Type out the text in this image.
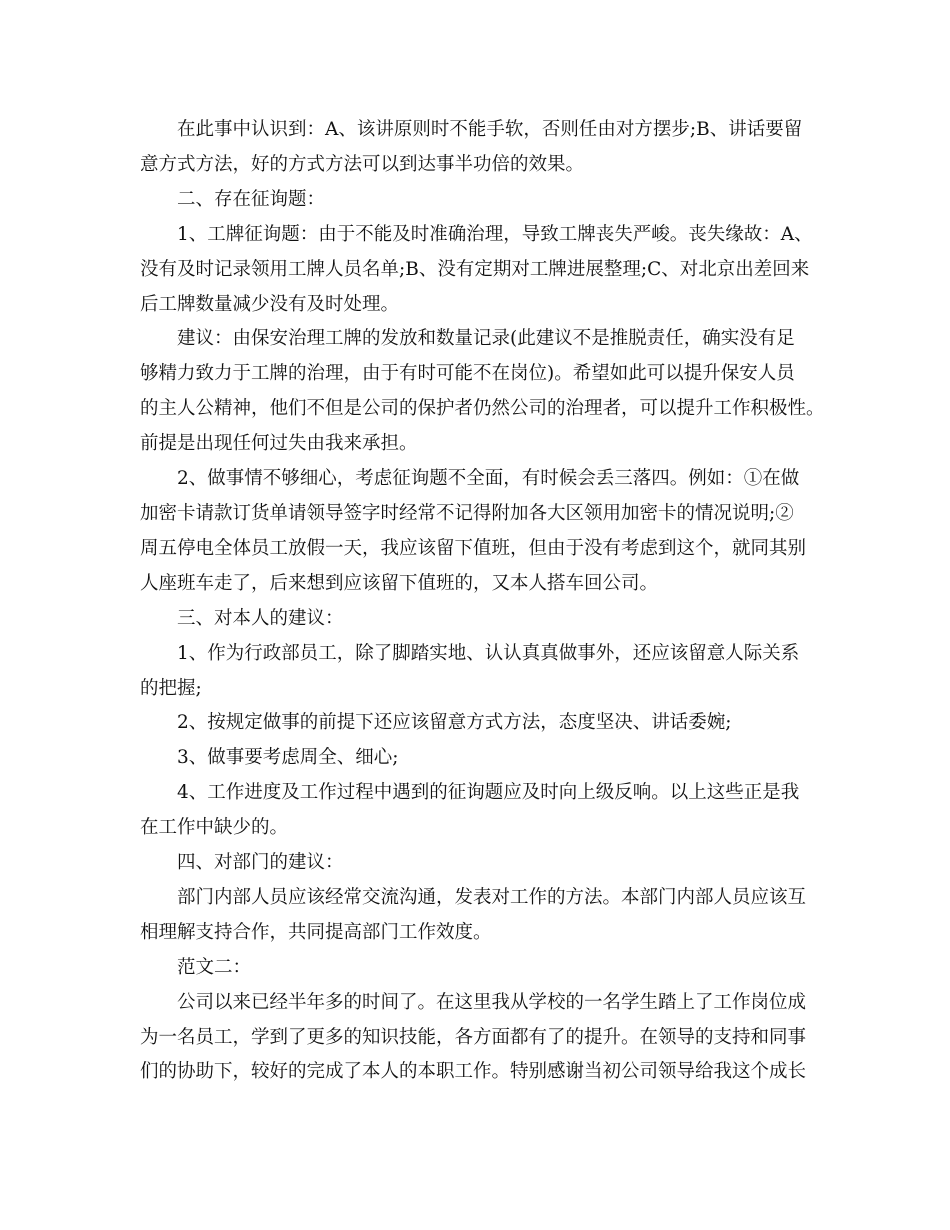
在此事中认识到：A、该讲原则时不能手软，否则任由对方摆步;B、讲话要留
意方式方法，好的方式方法可以到达事半功倍的效果。

二、存在征询题：

1、工牌征询题：由于不能及时准确治理，导致工牌丧失严峻。丧失缘故：A、
没有及时记录领用工牌人员名单;B、没有定期对工牌进展整理;C、对北京出差回来
后工牌数量减少没有及时处理。

建议：由保安治理工牌的发放和数量记录(此建议不是推脱责任，确实没有足
够精力致力于工牌的治理，由于有时可能不在岗位)。希望如此可以提升保安人员
的主人公精神，他们不但是公司的保护者仍然公司的治理者，可以提升工作积极性。
前提是出现任何过失由我来承担。

2、做事情不够细心，考虑征询题不全面，有时候会丢三落四。例如：①在做
加密卡请款订货单请领导签字时经常不记得附加各大区领用加密卡的情况说明;②
周五停电全体员工放假一天，我应该留下值班，但由于没有考虑到这个，就同其别
人座班车走了，后来想到应该留下值班的，又本人搭车回公司。

三、对本人的建议：

1、作为行政部员工，除了脚踏实地、认认真真做事外，还应该留意人际关系
的把握;

2、按规定做事的前提下还应该留意方式方法，态度坚决、讲话委婉;

3、做事要考虑周全、细心;

4、工作进度及工作过程中遇到的征询题应及时向上级反响。以上这些正是我
在工作中缺少的。

四、对部门的建议：

部门内部人员应该经常交流沟通，发表对工作的方法。本部门内部人员应该互
相理解支持合作，共同提高部门工作效度。

范文二：

公司以来已经半年多的时间了。在这里我从学校的一名学生踏上了工作岗位成
为一名员工，学到了更多的知识技能，各方面都有了的提升。在领导的支持和同事
们的协助下，较好的完成了本人的本职工作。特别感谢当初公司领导给我这个成长
